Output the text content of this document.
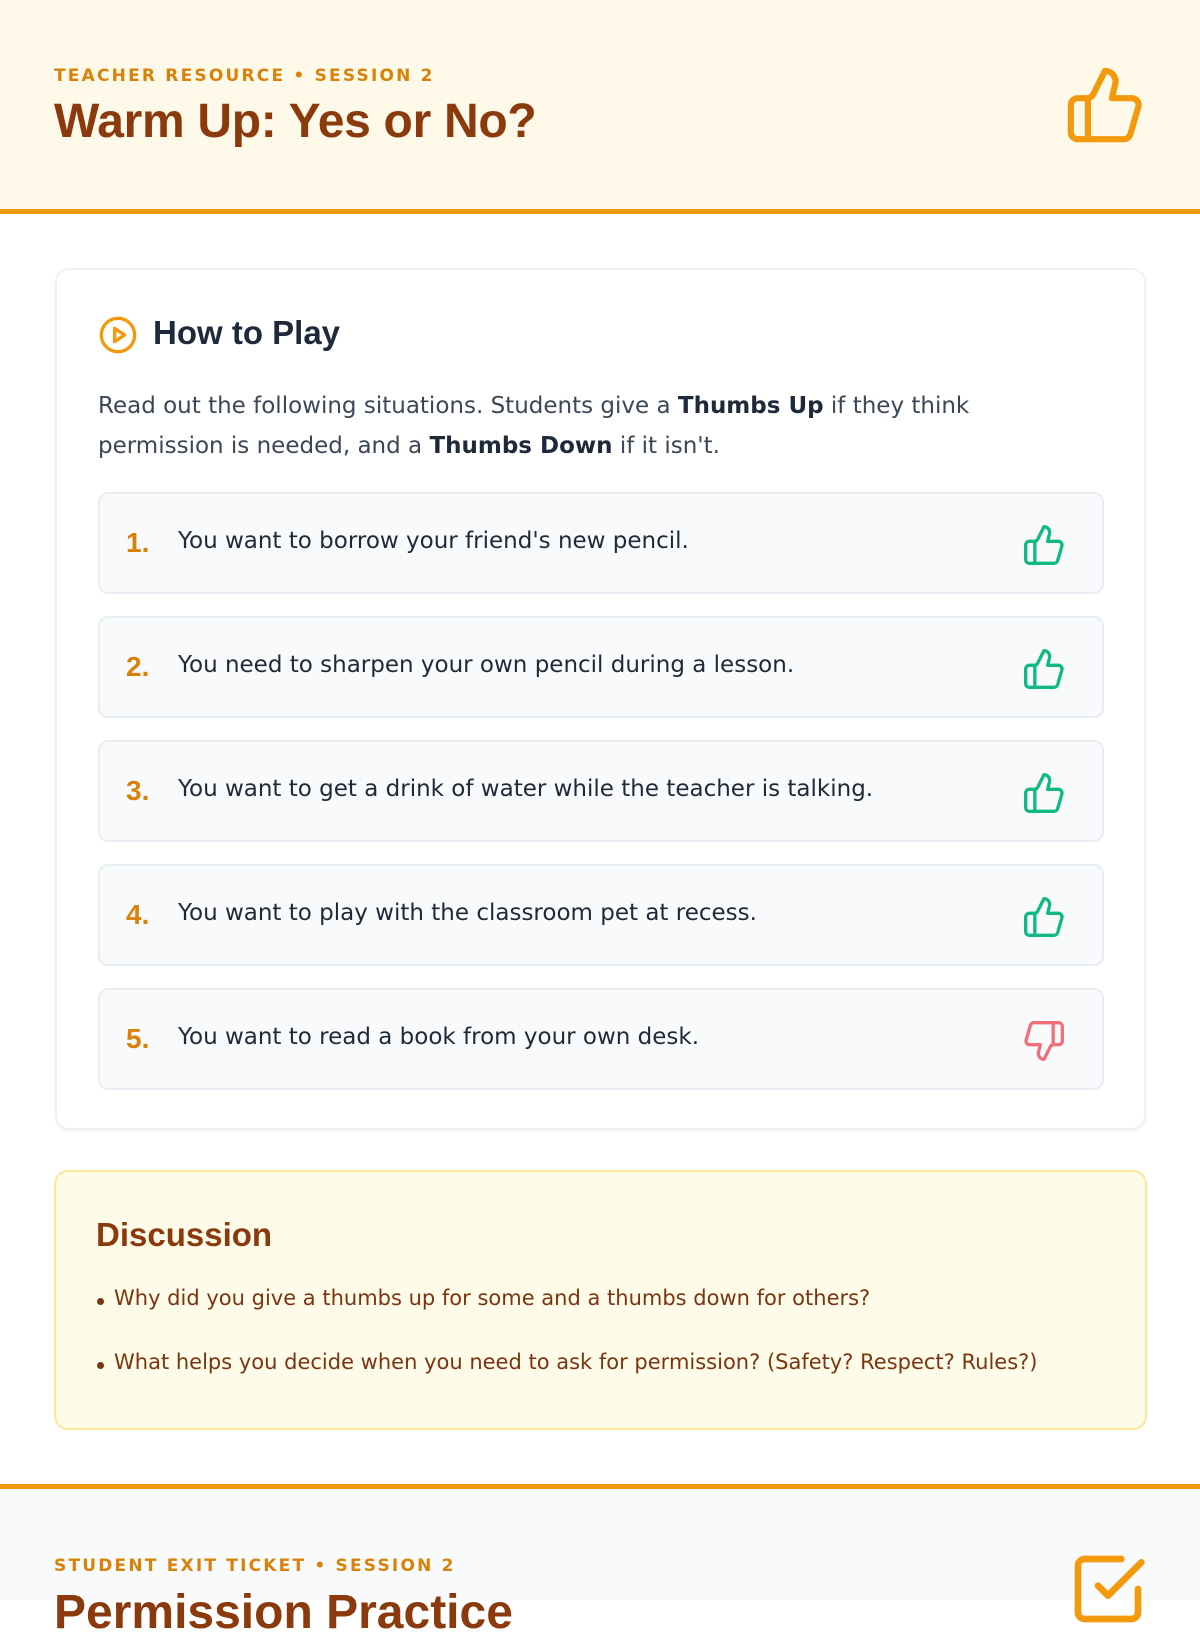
TEACHER RESOURCE • SESSION 2
Warm Up: Yes or No?
How to Play

Read out the following situations. Students give a Thumbs Up if they think permission is needed, and a Thumbs Down if it isn't.

1. You want to borrow your friend's new pencil.
2. You need to sharpen your own pencil during a lesson.
3. You want to get a drink of water while the teacher is talking.
4. You want to play with the classroom pet at recess.
5. You want to read a book from your own desk.
Discussion
Why did you give a thumbs up for some and a thumbs down for others?
What helps you decide when you need to ask for permission? (Safety? Respect? Rules?)
STUDENT EXIT TICKET • SESSION 2
Permission Practice
